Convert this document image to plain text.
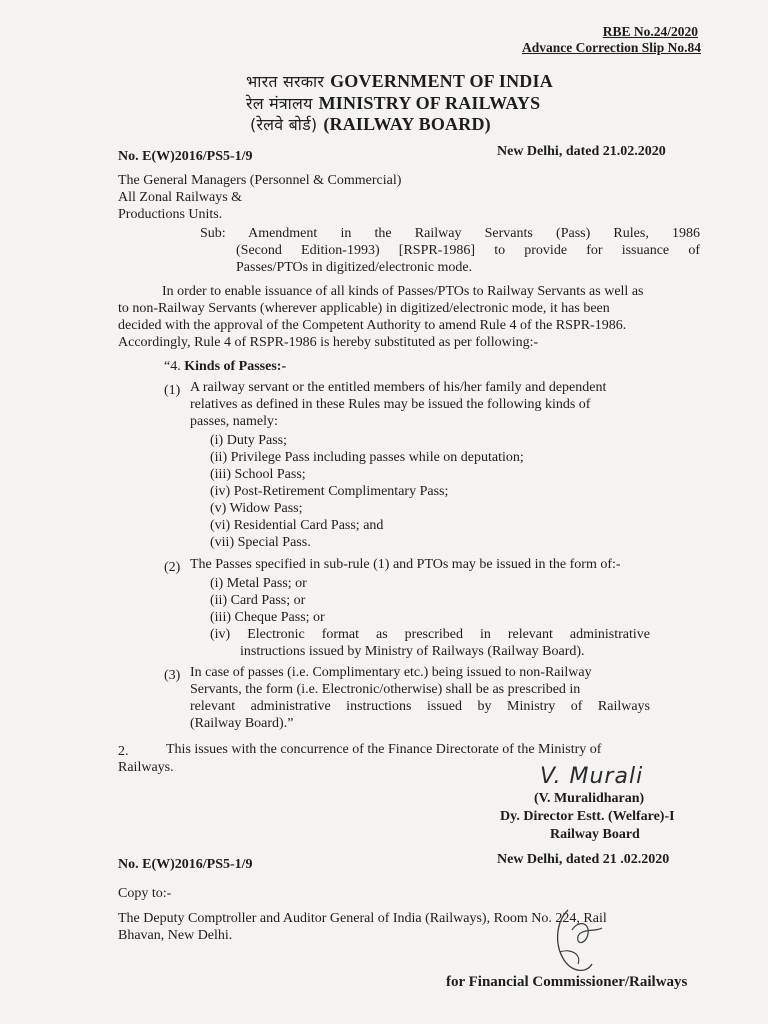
RBE No.24/2020
Advance Correction Slip No.84
भारत सरकार GOVERNMENT OF INDIA
रेल मंत्रालय MINISTRY OF RAILWAYS
(रेलवे बोर्ड) (RAILWAY BOARD)
No. E(W)2016/PS5-1/9	New Delhi, dated 21.02.2020
The General Managers (Personnel & Commercial)
All Zonal Railways &
Productions Units.
Sub: Amendment in the Railway Servants (Pass) Rules, 1986
(Second Edition-1993) [RSPR-1986] to provide for issuance of
Passes/PTOs in digitized/electronic mode.
In order to enable issuance of all kinds of Passes/PTOs to Railway Servants as well as
to non-Railway Servants (wherever applicable) in digitized/electronic mode, it has been
decided with the approval of the Competent Authority to amend Rule 4 of the RSPR-1986.
Accordingly, Rule 4 of RSPR-1986 is hereby substituted as per following:-
“4. Kinds of Passes:-
(1) A railway servant or the entitled members of his/her family and dependent
relatives as defined in these Rules may be issued the following kinds of
passes, namely:
(i) Duty Pass;
(ii) Privilege Pass including passes while on deputation;
(iii) School Pass;
(iv) Post-Retirement Complimentary Pass;
(v) Widow Pass;
(vi) Residential Card Pass; and
(vii) Special Pass.
(2) The Passes specified in sub-rule (1) and PTOs may be issued in the form of:-
(i) Metal Pass; or
(ii) Card Pass; or
(iii) Cheque Pass; or
(iv) Electronic format as prescribed in relevant administrative
instructions issued by Ministry of Railways (Railway Board).
(3) In case of passes (i.e. Complimentary etc.) being issued to non-Railway
Servants, the form (i.e. Electronic/otherwise) shall be as prescribed in
relevant administrative instructions issued by Ministry of Railways
(Railway Board).”
2.	This issues with the concurrence of the Finance Directorate of the Ministry of
Railways.	V. Murali
(V. Muralidharan)
Dy. Director Estt. (Welfare)-I
Railway Board
No. E(W)2016/PS5-1/9	New Delhi, dated 21 .02.2020
Copy to:-
The Deputy Comptroller and Auditor General of India (Railways), Room No. 224, Rail
Bhavan, New Delhi.
for Financial Commissioner/Railways
